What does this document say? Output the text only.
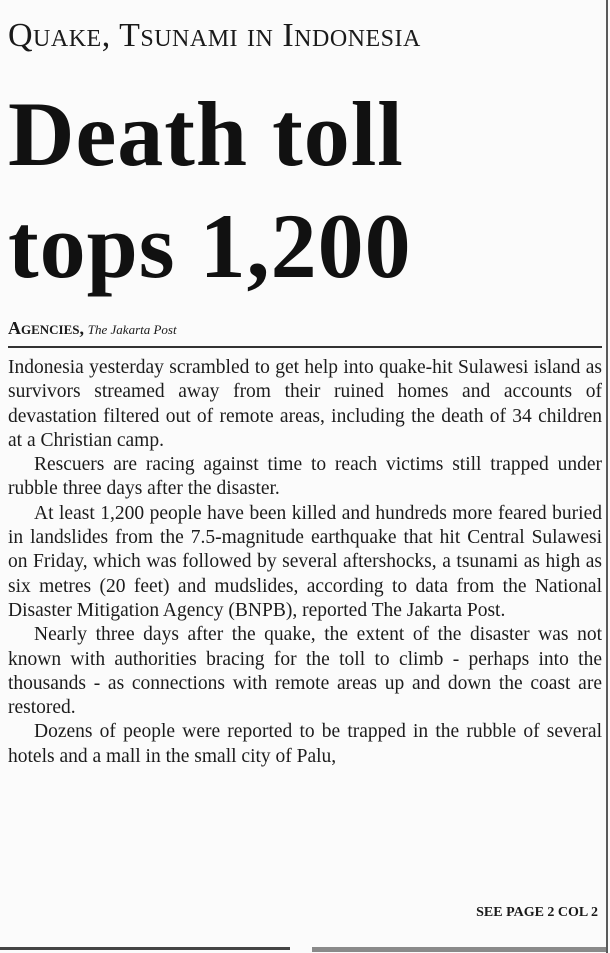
Quake, Tsunami in Indonesia
Death toll
tops 1,200
Agencies, The Jakarta Post

Indonesia yesterday scrambled to get help into quake-hit Sulawesi island as survivors streamed away from their ruined homes and accounts of devastation filtered out of remote areas, including the death of 34 children at a Christian camp.

Rescuers are racing against time to reach victims still trapped under rubble three days after the disaster.

At least 1,200 people have been killed and hundreds more feared buried in landslides from the 7.5-magnitude earthquake that hit Central Sulawesi on Friday, which was followed by several aftershocks, a tsunami as high as six metres (20 feet) and mudslides, according to data from the National Disaster Mitigation Agency (BNPB), reported The Jakarta Post.

Nearly three days after the quake, the extent of the disaster was not known with authorities bracing for the toll to climb - perhaps into the thousands - as connections with remote areas up and down the coast are restored.

Dozens of people were reported to be trapped in the rubble of several hotels and a mall in the small city of Palu,

SEE PAGE 2 COL 2
